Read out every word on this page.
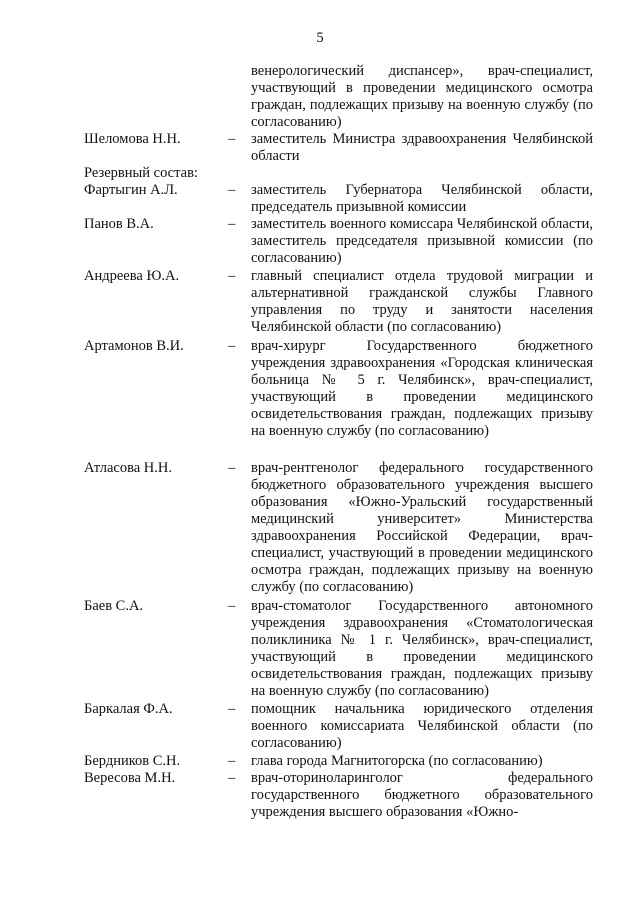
5
венерологический диспансер», врач-специалист, участвующий в проведении медицинского осмотра граждан, подлежащих призыву на военную службу (по согласованию)
Шеломова Н.Н.	– заместитель Министра здравоохранения Челябинской области
Резервный состав:
Фартыгин А.Л.	– заместитель Губернатора Челябинской области, председатель призывной комиссии
Панов В.А.	– заместитель военного комиссара Челябинской области, заместитель председателя призывной комиссии (по согласованию)
Андреева Ю.А.	– главный специалист отдела трудовой миграции и альтернативной гражданской службы Главного управления по труду и занятости населения Челябинской области (по согласованию)
Артамонов В.И.	– врач-хирург Государственного бюджетного учреждения здравоохранения «Городская клиническая больница № 5 г. Челябинск», врач-специалист, участвующий в проведении медицинского освидетельствования граждан, подлежащих призыву на военную службу (по согласованию)
Атласова Н.Н.	– врач-рентгенолог федерального государственного бюджетного образовательного учреждения высшего образования «Южно-Уральский государственный медицинский университет» Министерства здравоохранения Российской Федерации, врач-специалист, участвующий в проведении медицинского осмотра граждан, подлежащих призыву на военную службу (по согласованию)
Баев С.А.	– врач-стоматолог Государственного автономного учреждения здравоохранения «Стоматологическая поликлиника № 1 г. Челябинск», врач-специалист, участвующий в проведении медицинского освидетельствования граждан, подлежащих призыву на военную службу (по согласованию)
Баркалая Ф.А.	– помощник начальника юридического отделения военного комиссариата Челябинской области (по согласованию)
Бердников С.Н.	– глава города Магнитогорска (по согласованию)
Вересова М.Н.	– врач-оториноларинголог федерального государственного бюджетного образовательного учреждения высшего образования «Южно-
